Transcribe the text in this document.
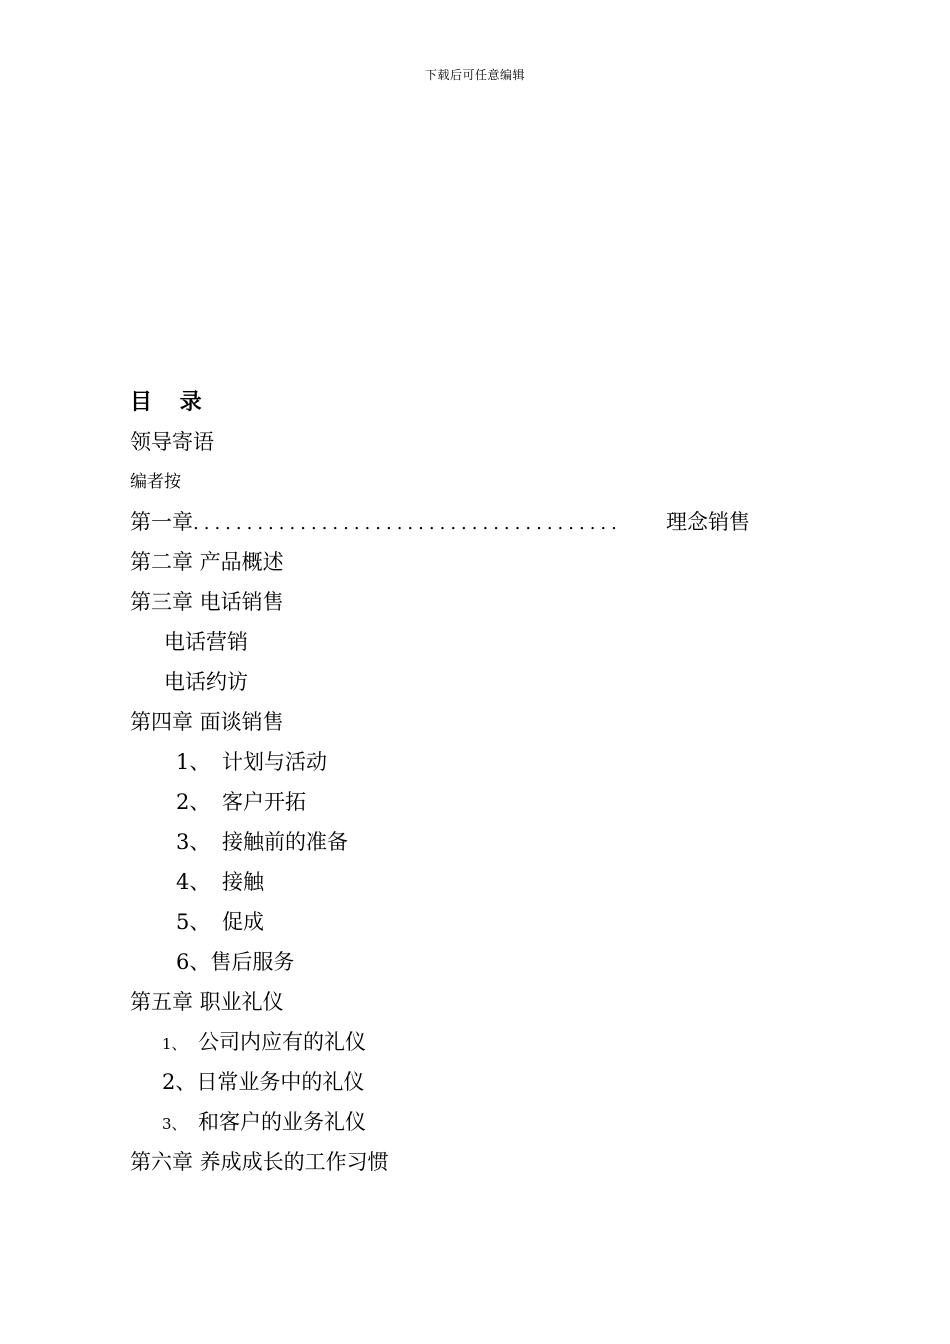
下载后可任意编辑
目 录
领导寄语
编者按
第一章 ........................................	理念销售
第二章 产品概述
第三章 电话销售
电话营销
电话约访
第四章 面谈销售
1、 计划与活动
2、 客户开拓
3、 接触前的准备
4、 接触
5、 促成
6、售后服务
第五章 职业礼仪
1、 公司内应有的礼仪
2、日常业务中的礼仪
3、 和客户的业务礼仪
第六章 养成成长的工作习惯
